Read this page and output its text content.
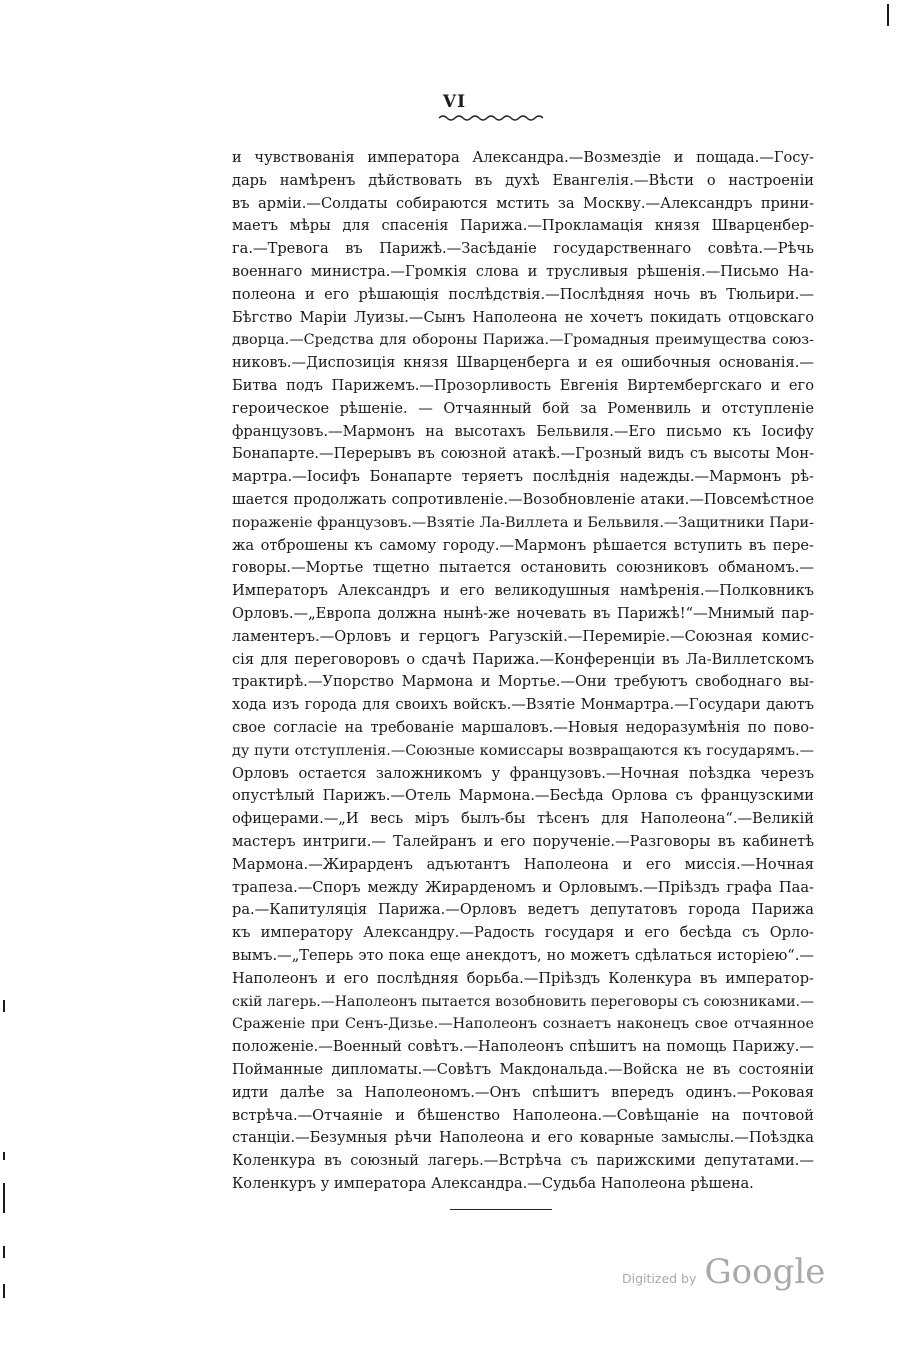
VI
и чувствованія императора Александра.—Возмездіе и пощада.—Госу-
дарь намѣренъ дѣйствовать въ духѣ Евангелія.—Вѣсти о настроеніи
въ арміи.—Солдаты собираются мстить за Москву.—Александръ прини-
маетъ мѣры для спасенія Парижа.—Прокламація князя Шварценбер-
га.—Тревога въ Парижѣ.—Засѣданіе государственнаго совѣта.—Рѣчь
военнаго министра.—Громкія слова и трусливыя рѣшенія.—Письмо На-
полеона и его рѣшающія послѣдствія.—Послѣдняя ночь въ Тюльири.—
Бѣгство Маріи Луизы.—Сынъ Наполеона не хочетъ покидать отцовскаго
дворца.—Средства для обороны Парижа.—Громадныя преимущества союз-
никовъ.—Диспозиція князя Шварценберга и ея ошибочныя основанія.—
Битва подъ Парижемъ.—Прозорливость Евгенія Виртембергскаго и его
героическое рѣшеніе. — Отчаянный бой за Роменвиль и отступленіе
французовъ.—Мармонъ на высотахъ Бельвиля.—Его письмо къ Іосифу
Бонапарте.—Перерывъ въ союзной атакѣ.—Грозный видъ съ высоты Мон-
мартра.—Іосифъ Бонапарте теряетъ послѣднія надежды.—Мармонъ рѣ-
шается продолжать сопротивленіе.—Возобновленіе атаки.—Повсемѣстное
пораженіе французовъ.—Взятіе Ла-Виллета и Бельвиля.—Защитники Пари-
жа отброшены къ самому городу.—Мармонъ рѣшается вступить въ пере-
говоры.—Мортье тщетно пытается остановить союзниковъ обманомъ.—
Императоръ Александръ и его великодушныя намѣренія.—Полковникъ
Орловъ.—„Европа должна нынѣ-же ночевать въ Парижѣ!“—Мнимый пар-
ламентеръ.—Орловъ и герцогъ Рагузскій.—Перемиріе.—Союзная комис-
сія для переговоровъ о сдачѣ Парижа.—Конференціи въ Ла-Виллетскомъ
трактирѣ.—Упорство Мармона и Мортье.—Они требуютъ свободнаго вы-
хода изъ города для своихъ войскъ.—Взятіе Монмартра.—Государи даютъ
свое согласіе на требованіе маршаловъ.—Новыя недоразумѣнія по пово-
ду пути отступленія.—Союзные комиссары возвращаются къ государямъ.—
Орловъ остается заложникомъ у французовъ.—Ночная поѣздка черезъ
опустѣлый Парижъ.—Отель Мармона.—Бесѣда Орлова съ французскими
офицерами.—„И весь міръ былъ-бы тѣсенъ для Наполеона“.—Великій
мастеръ интриги.— Талейранъ и его порученіе.—Разговоры въ кабинетѣ
Мармона.—Жирарденъ адъютантъ Наполеона и его миссія.—Ночная
трапеза.—Споръ между Жирарденомъ и Орловымъ.—Пріѣздъ графа Паа-
ра.—Капитуляція Парижа.—Орловъ ведетъ депутатовъ города Парижа
къ императору Александру.—Радость государя и его бесѣда съ Орло-
вымъ.—„Теперь это пока еще анекдотъ, но можетъ сдѣлаться исторіею“.—
Наполеонъ и его послѣдняя борьба.—Пріѣздъ Коленкура въ император-
скій лагерь.—Наполеонъ пытается возобновить переговоры съ союзниками.—
Сраженіе при Сенъ-Дизье.—Наполеонъ сознаетъ наконецъ свое отчаянное
положеніе.—Военный совѣтъ.—Наполеонъ спѣшитъ на помощь Парижу.—
Пойманные дипломаты.—Совѣтъ Макдональда.—Войска не въ состояніи
идти далѣе за Наполеономъ.—Онъ спѣшитъ впередъ одинъ.—Роковая
встрѣча.—Отчаяніе и бѣшенство Наполеона.—Совѣщаніе на почтовой
станціи.—Безумныя рѣчи Наполеона и его коварные замыслы.—Поѣздка
Коленкура въ союзный лагерь.—Встрѣча съ парижскими депутатами.—
Коленкуръ у императора Александра.—Судьба Наполеона рѣшена.
Digitized by Google
